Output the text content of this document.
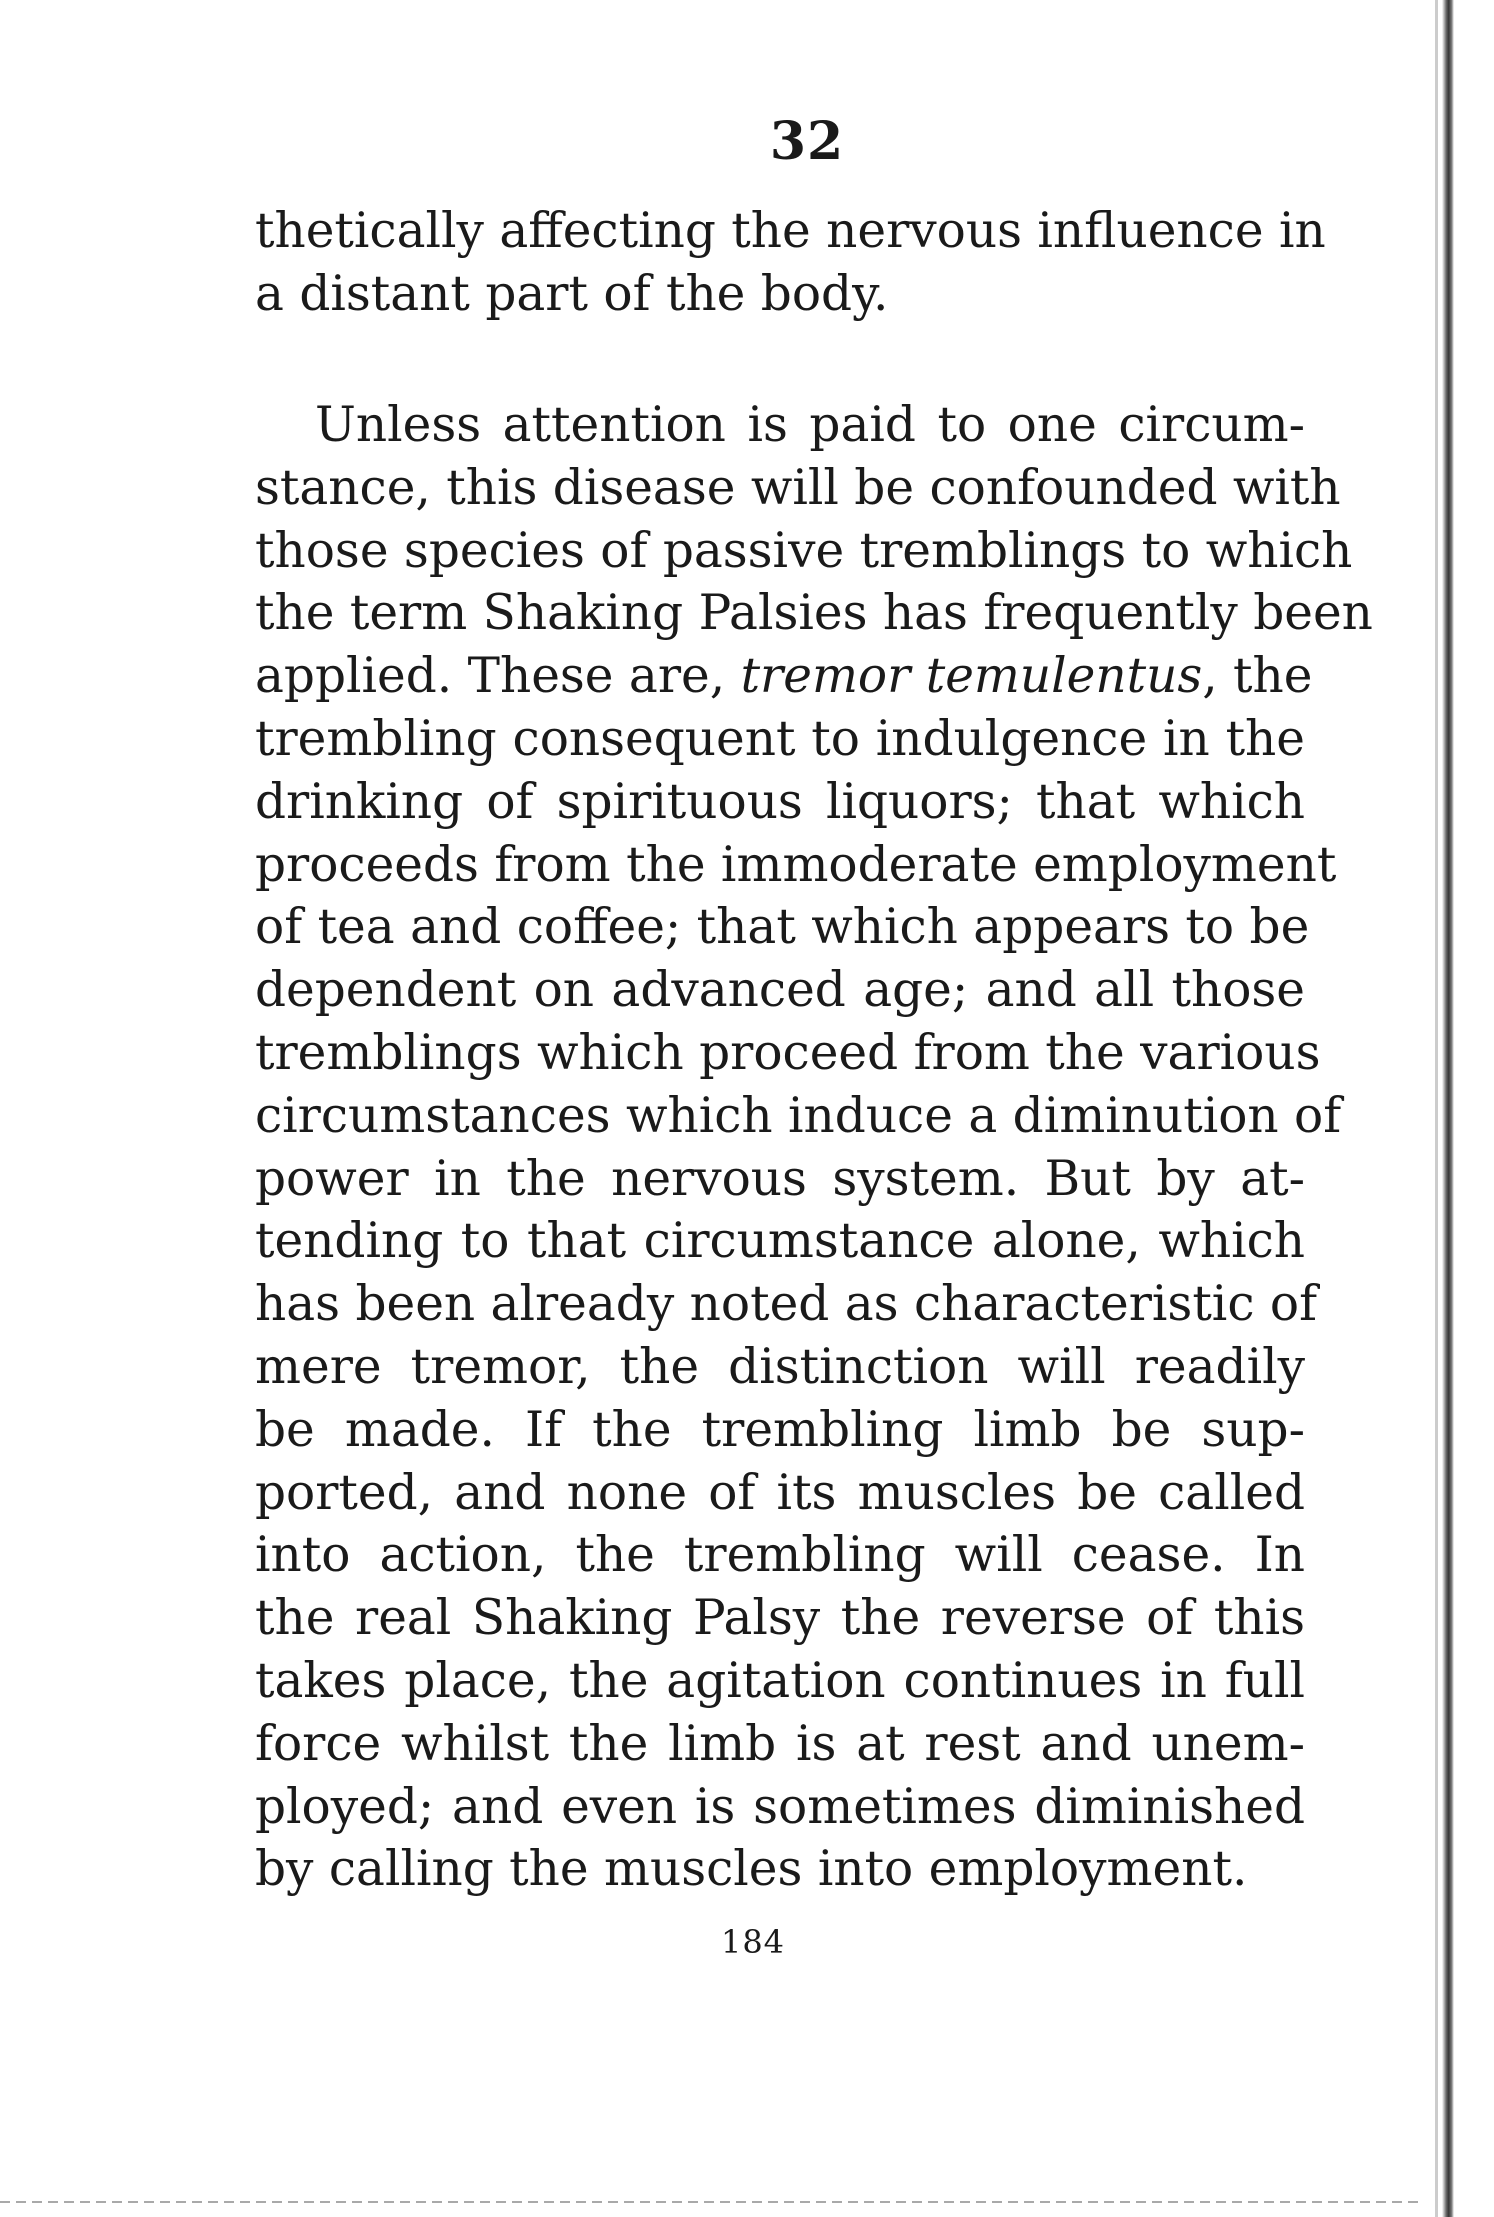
32
thetically affecting the nervous influence in
a distant part of the body.
Unless attention is paid to one circum-
stance, this disease will be confounded with
those species of passive tremblings to which
the term Shaking Palsies has frequently been
applied. These are, tremor temulentus, the
trembling consequent to indulgence in the
drinking of spirituous liquors; that which
proceeds from the immoderate employment
of tea and coffee; that which appears to be
dependent on advanced age; and all those
tremblings which proceed from the various
circumstances which induce a diminution of
power in the nervous system. But by at-
tending to that circumstance alone, which
has been already noted as characteristic of
mere tremor, the distinction will readily
be made. If the trembling limb be sup-
ported, and none of its muscles be called
into action, the trembling will cease. In
the real Shaking Palsy the reverse of this
takes place, the agitation continues in full
force whilst the limb is at rest and unem-
ployed; and even is sometimes diminished
by calling the muscles into employment.
184
